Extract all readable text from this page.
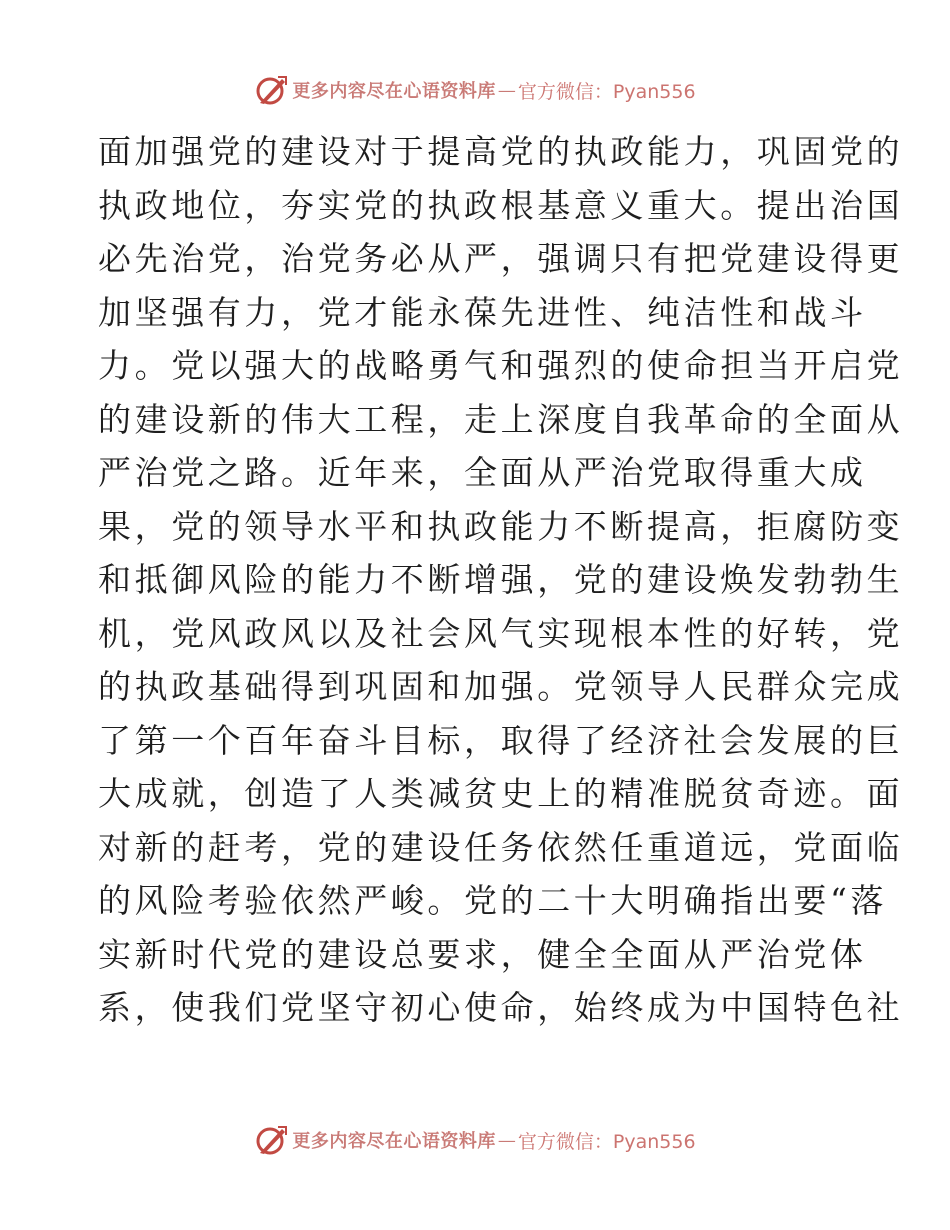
更多内容尽在心语资料库 — 官方微信：Pyan556
面加强党的建设对于提高党的执政能力，巩固党的
执政地位，夯实党的执政根基意义重大。提出治国
必先治党，治党务必从严，强调只有把党建设得更
加坚强有力，党才能永葆先进性、纯洁性和战斗
力。党以强大的战略勇气和强烈的使命担当开启党
的建设新的伟大工程，走上深度自我革命的全面从
严治党之路。近年来，全面从严治党取得重大成
果，党的领导水平和执政能力不断提高，拒腐防变
和抵御风险的能力不断增强，党的建设焕发勃勃生
机，党风政风以及社会风气实现根本性的好转，党
的执政基础得到巩固和加强。党领导人民群众完成
了第一个百年奋斗目标，取得了经济社会发展的巨
大成就，创造了人类减贫史上的精准脱贫奇迹。面
对新的赶考，党的建设任务依然任重道远，党面临
的风险考验依然严峻。党的二十大明确指出要“落
实新时代党的建设总要求，健全全面从严治党体
系，使我们党坚守初心使命，始终成为中国特色社
更多内容尽在心语资料库 — 官方微信：Pyan556
